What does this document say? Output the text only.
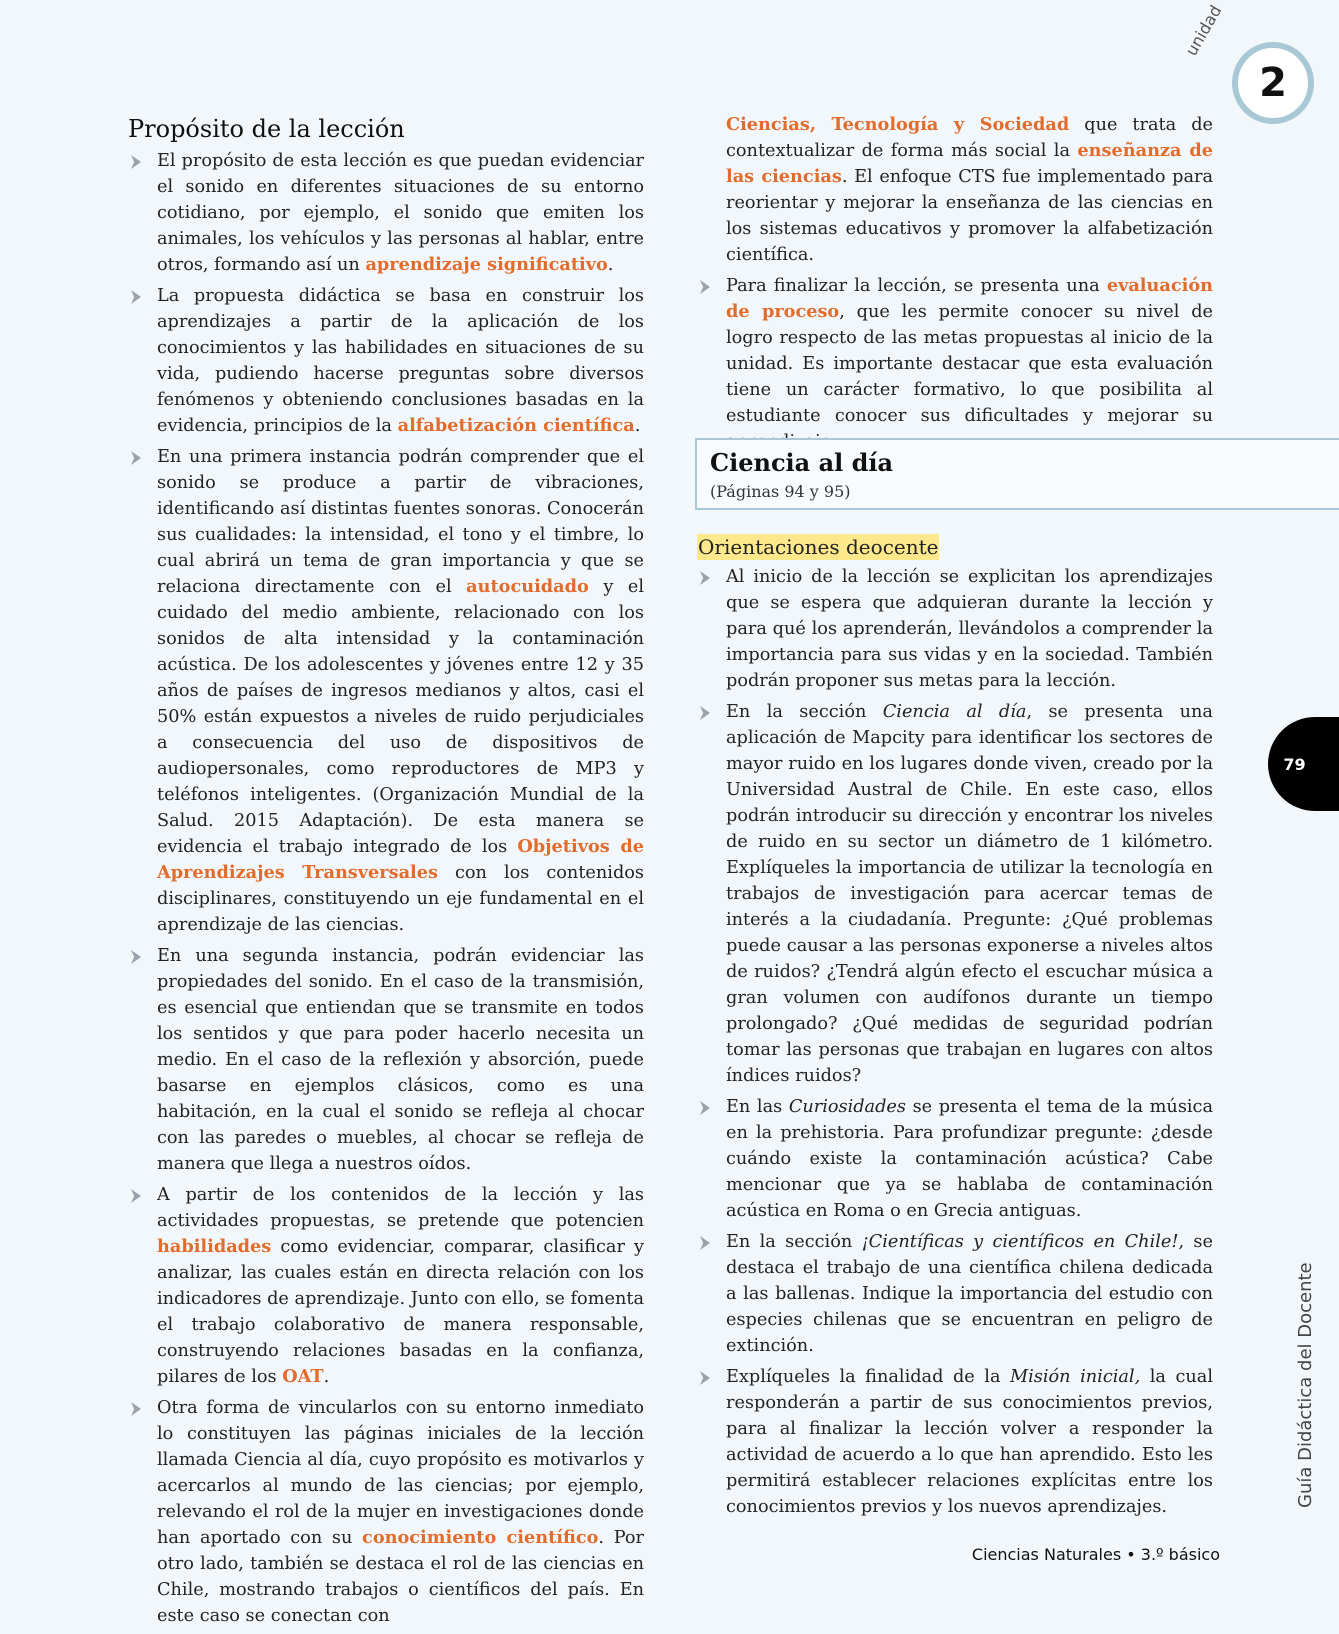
unidad
2
Propósito de la lección
El propósito de esta lección es que puedan evidenciar el sonido en diferentes situaciones de su entorno cotidiano, por ejemplo, el sonido que emiten los animales, los vehículos y las personas al hablar, entre otros, formando así un aprendizaje significativo.
La propuesta didáctica se basa en construir los aprendizajes a partir de la aplicación de los conocimientos y las habilidades en situaciones de su vida, pudiendo hacerse preguntas sobre diversos fenómenos y obteniendo conclusiones basadas en la evidencia, principios de la alfabetización científica.
En una primera instancia podrán comprender que el sonido se produce a partir de vibraciones, identificando así distintas fuentes sonoras. Conocerán sus cualidades: la intensidad, el tono y el timbre, lo cual abrirá un tema de gran importancia y que se relaciona directamente con el autocuidado y el cuidado del medio ambiente, relacionado con los sonidos de alta intensidad y la contaminación acústica. De los adolescentes y jóvenes entre 12 y 35 años de países de ingresos medianos y altos, casi el 50% están expuestos a niveles de ruido perjudiciales a consecuencia del uso de dispositivos de audiopersonales, como reproductores de MP3 y teléfonos inteligentes. (Organización Mundial de la Salud. 2015 Adaptación). De esta manera se evidencia el trabajo integrado de los Objetivos de Aprendizajes Transversales con los contenidos disciplinares, constituyendo un eje fundamental en el aprendizaje de las ciencias.
En una segunda instancia, podrán evidenciar las propiedades del sonido. En el caso de la transmisión, es esencial que entiendan que se transmite en todos los sentidos y que para poder hacerlo necesita un medio. En el caso de la reflexión y absorción, puede basarse en ejemplos clásicos, como es una habitación, en la cual el sonido se refleja al chocar con las paredes o muebles, al chocar se refleja de manera que llega a nuestros oídos.
A partir de los contenidos de la lección y las actividades propuestas, se pretende que potencien habilidades como evidenciar, comparar, clasificar y analizar, las cuales están en directa relación con los indicadores de aprendizaje. Junto con ello, se fomenta el trabajo colaborativo de manera responsable, construyendo relaciones basadas en la confianza, pilares de los OAT.
Otra forma de vincularlos con su entorno inmediato lo constituyen las páginas iniciales de la lección llamada Ciencia al día, cuyo propósito es motivarlos y acercarlos al mundo de las ciencias; por ejemplo, relevando el rol de la mujer en investigaciones donde han aportado con su conocimiento científico. Por otro lado, también se destaca el rol de las ciencias en Chile, mostrando trabajos o científicos del país. En este caso se conectan con
Ciencias, Tecnología y Sociedad que trata de contextualizar de forma más social la enseñanza de las ciencias. El enfoque CTS fue implementado para reorientar y mejorar la enseñanza de las ciencias en los sistemas educativos y promover la alfabetización científica.
Para finalizar la lección, se presenta una evaluación de proceso, que les permite conocer su nivel de logro respecto de las metas propuestas al inicio de la unidad. Es importante destacar que esta evaluación tiene un carácter formativo, lo que posibilita al estudiante conocer sus dificultades y mejorar su
Ciencia al día
(Páginas 94 y 95)
Orientaciones deocente
Al inicio de la lección se explicitan los aprendizajes que se espera que adquieran durante la lección y para qué los aprenderán, llevándolos a comprender la importancia para sus vidas y en la sociedad. También podrán proponer sus metas para la lección.
En la sección Ciencia al día, se presenta una aplicación de Mapcity para identificar los sectores de mayor ruido en los lugares donde viven, creado por la Universidad Austral de Chile. En este caso, ellos podrán introducir su dirección y encontrar los niveles de ruido en su sector un diámetro de 1 kilómetro. Explíqueles la importancia de utilizar la tecnología en trabajos de investigación para acercar temas de interés a la ciudadanía. Pregunte: ¿Qué problemas puede causar a las personas exponerse a niveles altos de ruidos? ¿Tendrá algún efecto el escuchar música a gran volumen con audífonos durante un tiempo prolongado? ¿Qué medidas de seguridad podrían tomar las personas que trabajan en lugares con altos índices ruidos?
En las Curiosidades se presenta el tema de la música en la prehistoria. Para profundizar pregunte: ¿desde cuándo existe la contaminación acústica? Cabe mencionar que ya se hablaba de contaminación acústica en Roma o en Grecia antiguas.
En la sección ¡Científicas y científicos en Chile!, se destaca el trabajo de una científica chilena dedicada a las ballenas. Indique la importancia del estudio con especies chilenas que se encuentran en peligro de extinción.
Explíqueles la finalidad de la Misión inicial, la cual responderán a partir de sus conocimientos previos, para al finalizar la lección volver a responder la actividad de acuerdo a lo que han aprendido. Esto les permitirá establecer relaciones explícitas entre los conocimientos previos y los nuevos aprendizajes.
79
Guía Didáctica del Docente
Ciencias Naturales • 3.º básico
